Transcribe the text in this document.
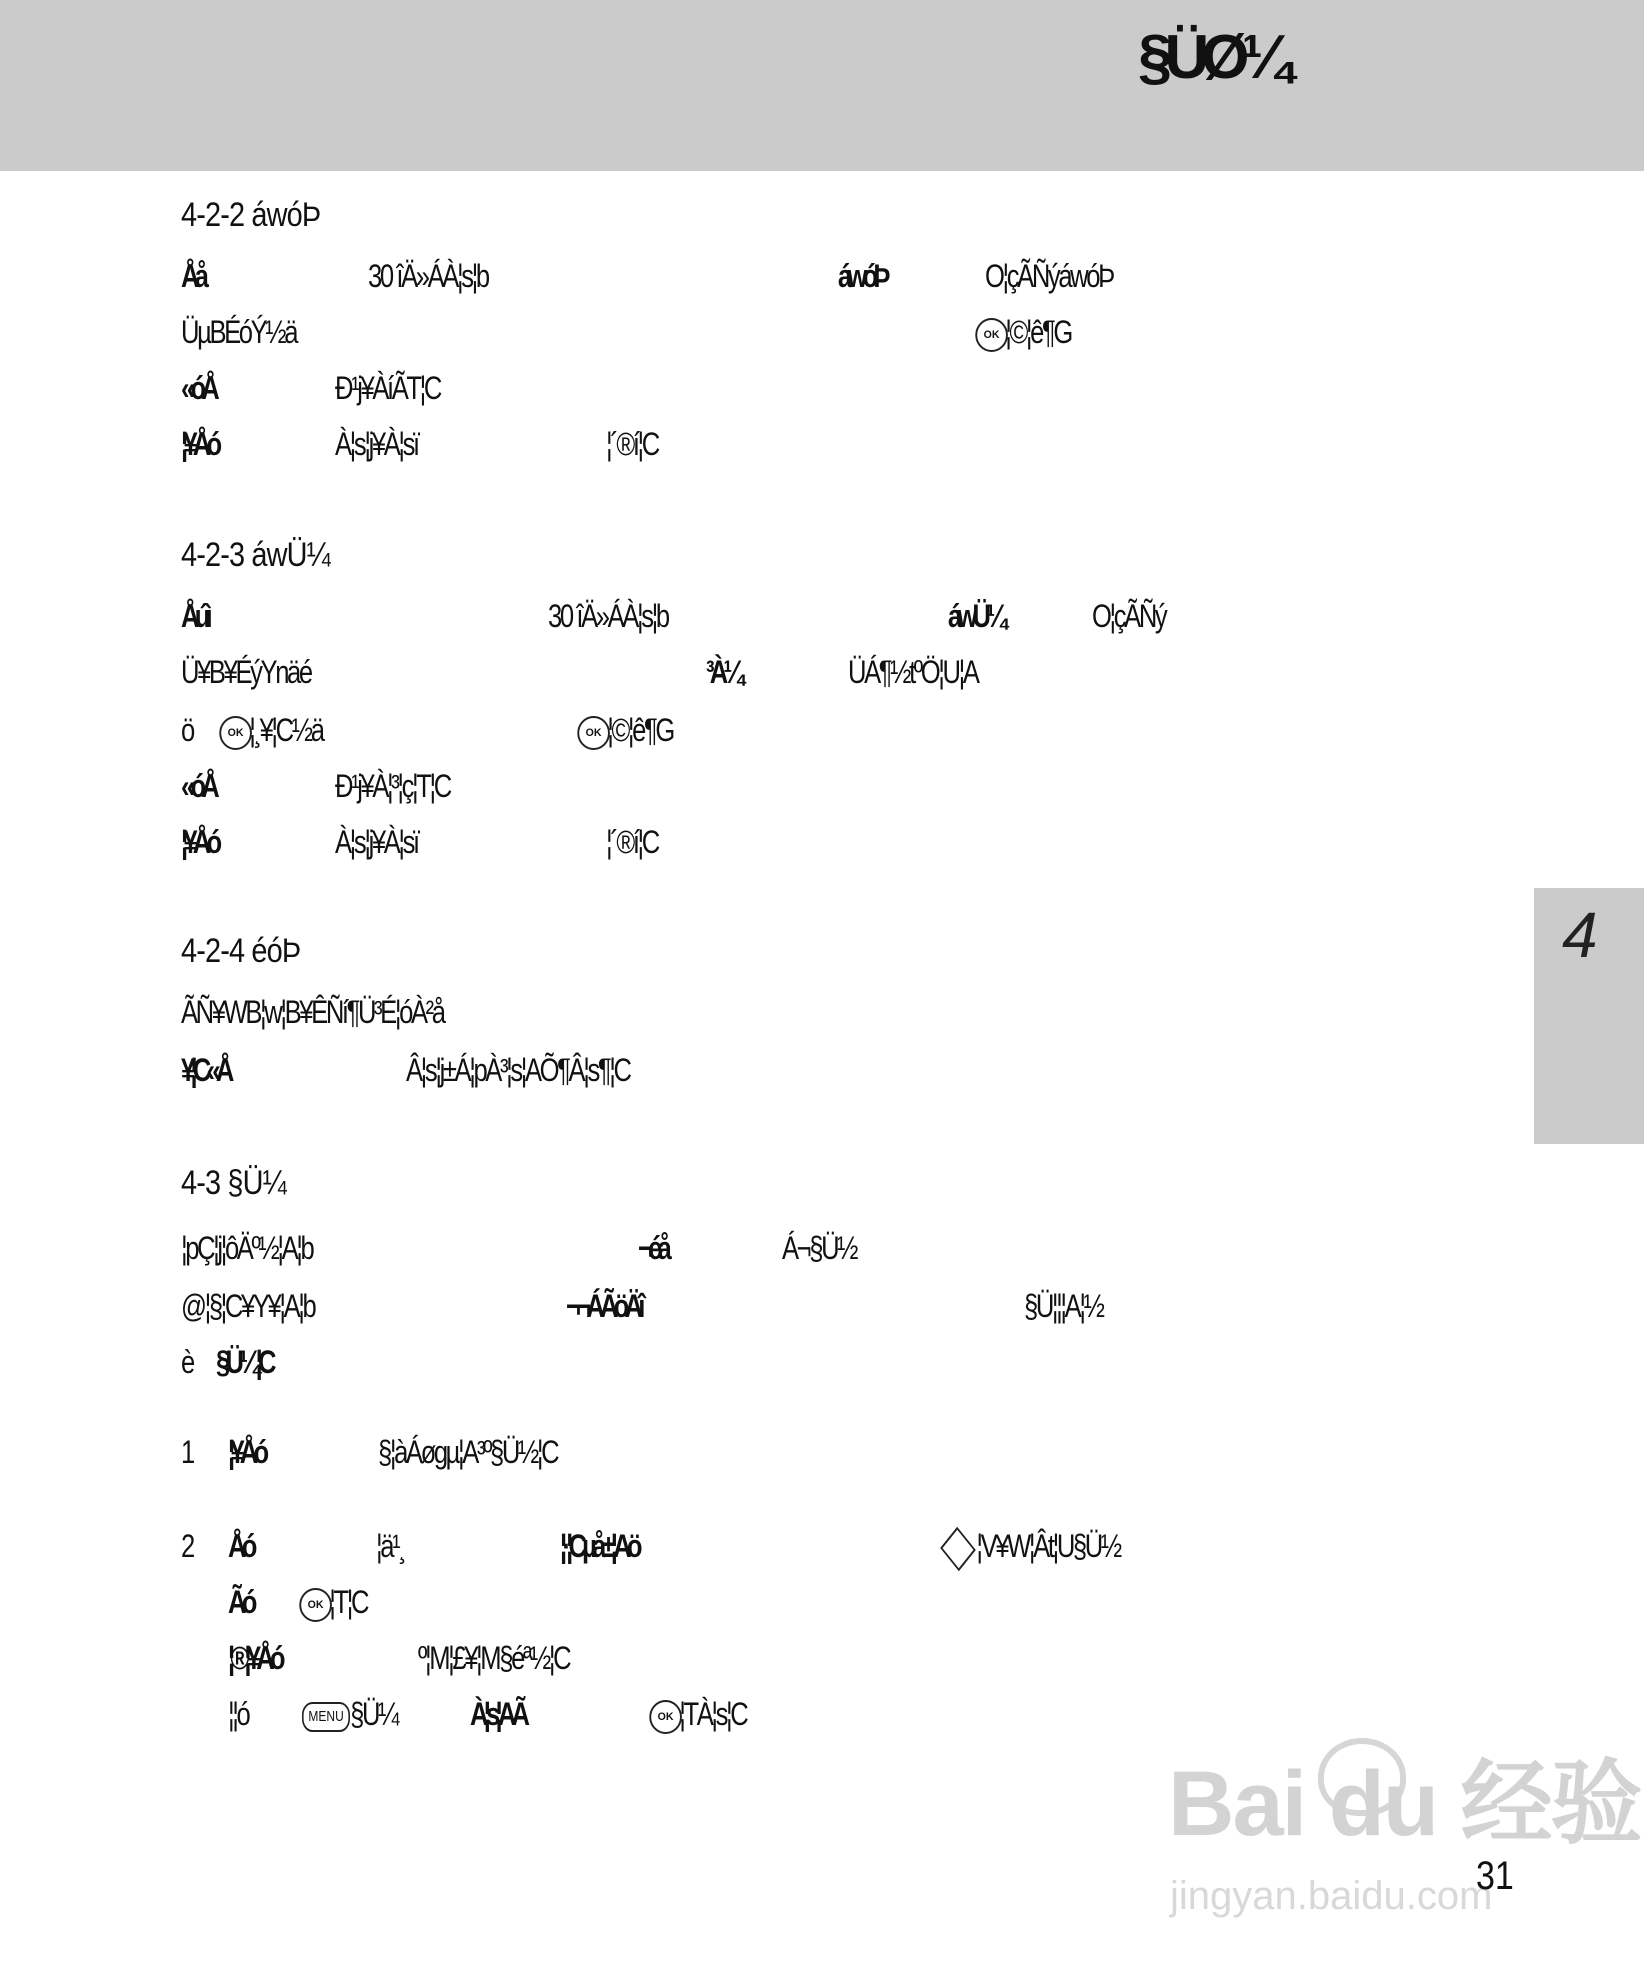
§ÜØ¼
4
4-2-2 áwóÞ
Åå	30 îÄ»ÁÀ¦s¦b	áwóÞ	O¦çÃÑýáwóÞ
ÜµBÉóÝ½ä	OK ¦©¦ê¶G
«óÅ	Ð¹j¥ÀíÃT¦C
¦¥Åó	À¦s¦j¥À¦sï	¦´®í¦C
4-2-3 áwÜ¼
Åúì	30 îÄ»ÁÀ¦s¦b	áwÜ¼	O¦çÃÑý
Ü¥B¥ÉýYnäé	³À¼	ÜÁ¶½tºÖ¦U¦A
ö	OK ¦¸¥¦C½ä	OK ¦©¦ê¶G
«óÅ	Ð¹j¥À¦³¦ç¦T¦C
¦¥Åó	À¦s¦j¥À¦sï	¦´®í¦C
4-2-4 éóÞ
ÃÑ¥WB¦w¦B¥ÊÑí¶Ü³É¦óÀ²å
¥¦C«Å	Â¦s¦j±Á¦pÀ³¦s¦AÕ¶Â¦s¶¦C
4-3 §Ü¼
¦pÇ¦j¦ôÄº½¦A¦b	¬éå	Á¬§Ü½
@¦§¦C¥Y¥¦A¦b	¬¬ÁÃöÄî	§Ü¦¦¦A¦½
è §Ü¼¦C
1 ¦¥Åó	§¦àÁøgµ¦A³º§Ü½¦C
2 Åó	¦ä¹¸	¦·¦Cµå±¦Aö	¦V¥W¦Ât¦U§Ü½
Ãó	OK ¦T¦C
¦®¦¥Åó	º¦M¦£¥¦M§éª½¦C
¦¦ó	MENU §Ü¼ À¦s¦AÃ	OK ¦TÀ¦s¦C
Bai du 经验
jingyan.baidu.com
31
